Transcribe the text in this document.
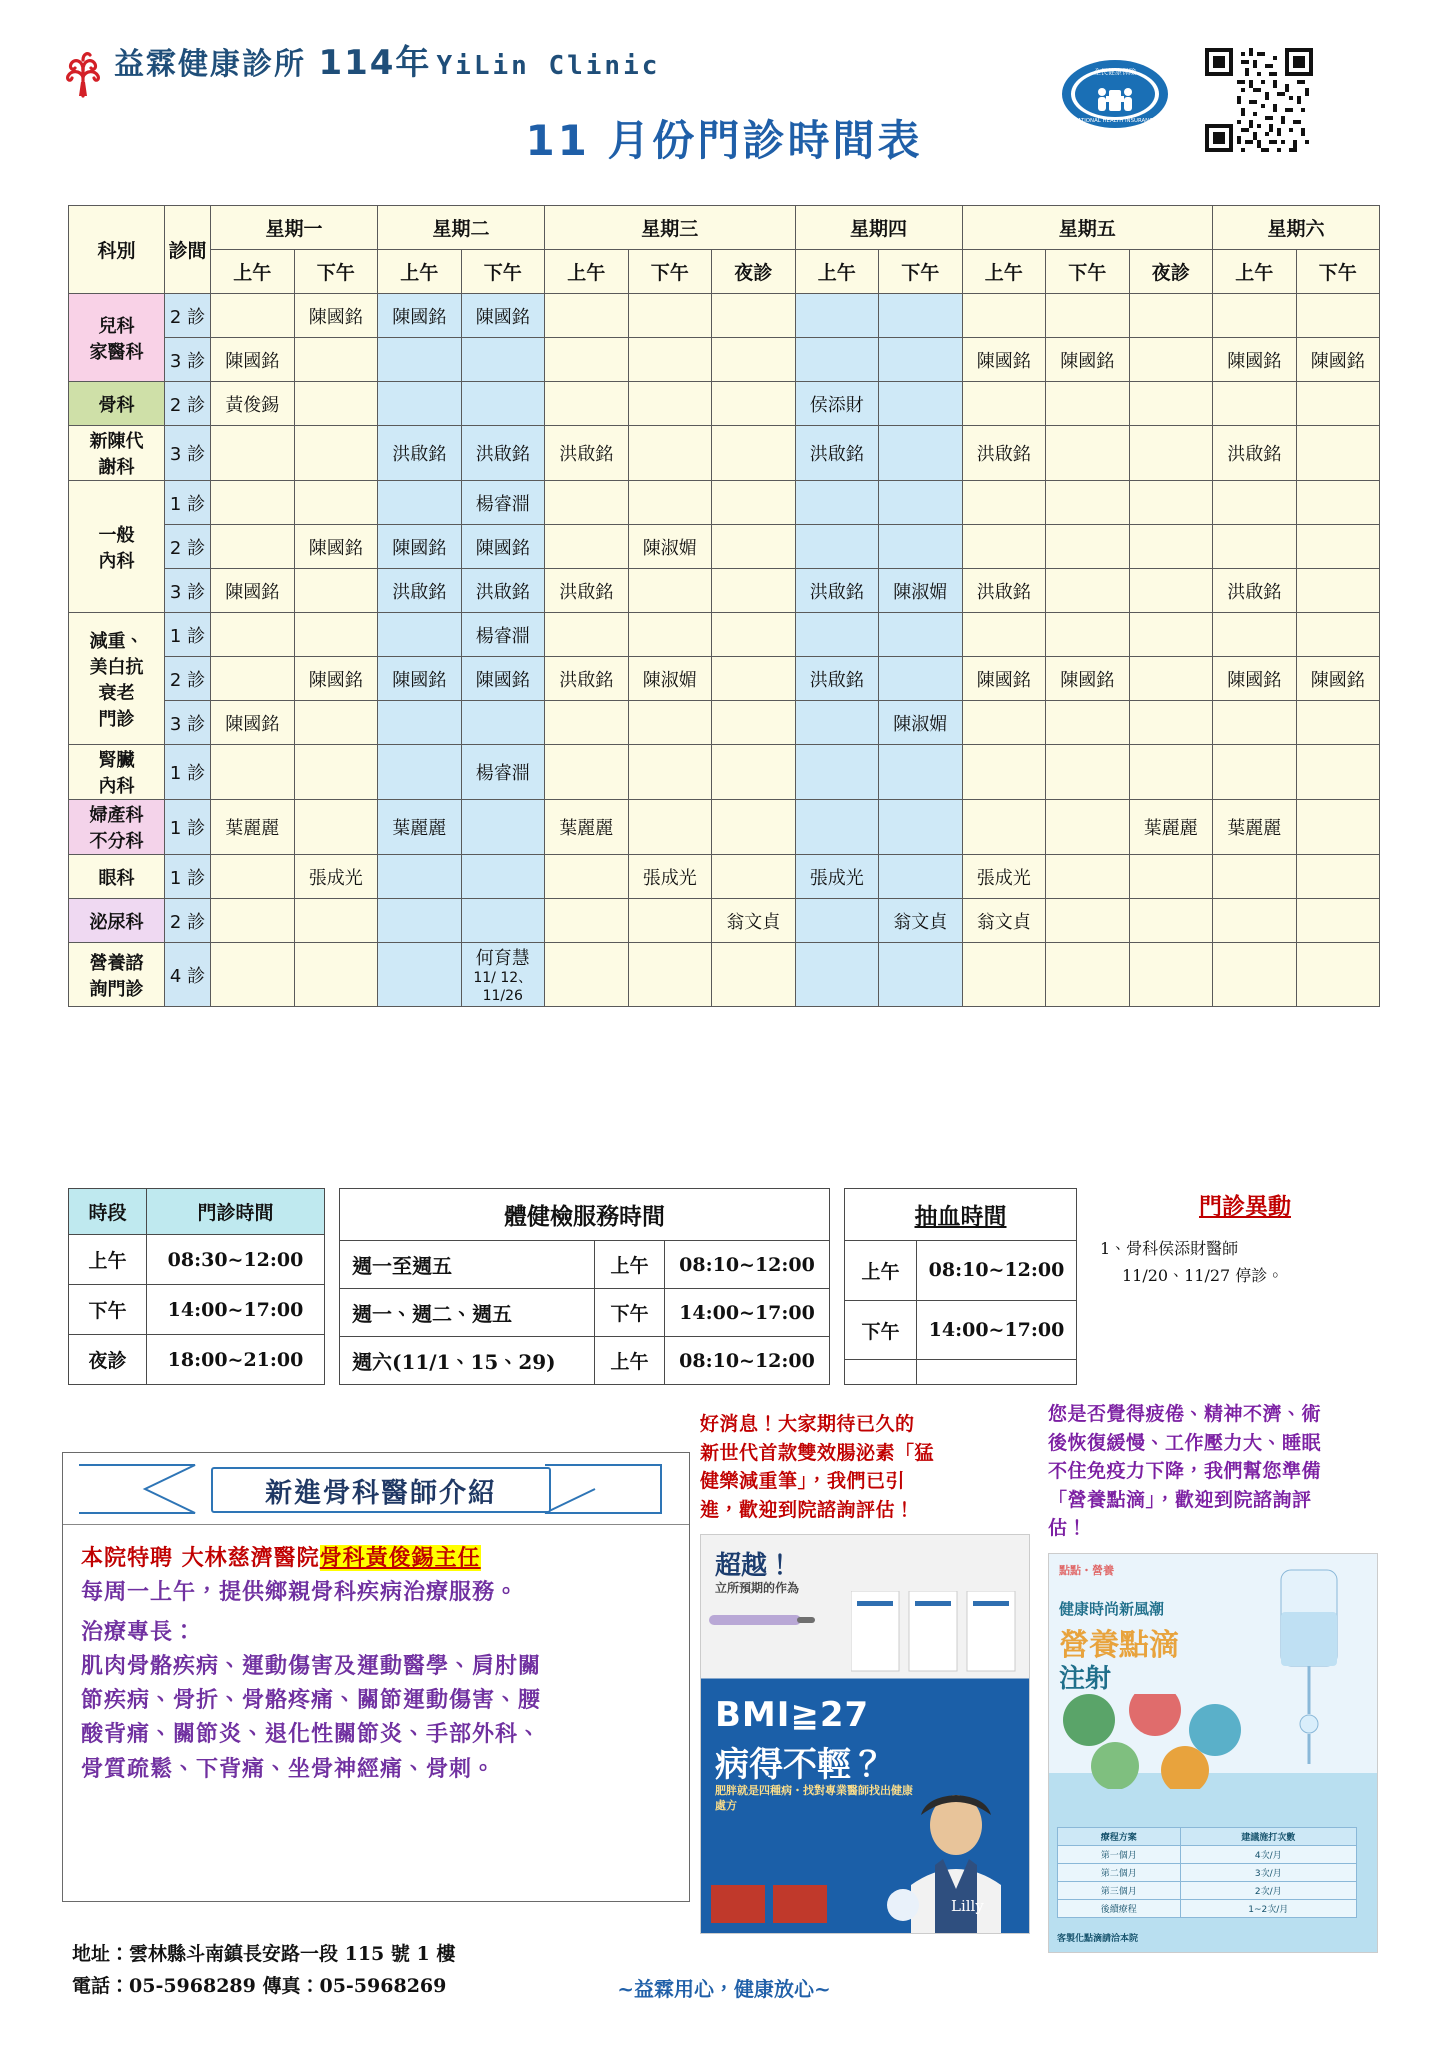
益霖健康診所 114年 YiLin Clinic
11 月份門診時間表
全民健康保險
NATIONAL HEALTH INSURANCE
科別	診間	星期一		星期二		星期三			星期四		星期五			星期六	
		上午	下午	上午	下午	上午	下午	夜診	上午	下午	上午	下午	夜診	上午	下午

兒科
家醫科	2 診		陳國銘	陳國銘	陳國銘										
	3 診	陳國銘									陳國銘	陳國銘		陳國銘	陳國銘

骨科	2 診	黃俊錫							侯添財						

新陳代
謝科	3 診			洪啟銘	洪啟銘	洪啟銘			洪啟銘		洪啟銘			洪啟銘	

一般
內科	1 診				楊睿淵										
	2 診		陳國銘	陳國銘	陳國銘		陳淑媚								
	3 診	陳國銘		洪啟銘	洪啟銘	洪啟銘			洪啟銘	陳淑媚	洪啟銘			洪啟銘	

減重、
美白抗
衰老
門診	1 診				楊睿淵										
	2 診		陳國銘	陳國銘	陳國銘	洪啟銘	陳淑媚		洪啟銘		陳國銘	陳國銘		陳國銘	陳國銘
	3 診	陳國銘								陳淑媚					

腎臟
內科	1 診				楊睿淵										

婦產科
不分科	1 診	葉麗麗		葉麗麗		葉麗麗							葉麗麗	葉麗麗	

眼科	1 診		張成光				張成光		張成光		張成光				

泌尿科	2 診							翁文貞		翁文貞	翁文貞				

營養諮
詢門診
	4 診				何育慧
11/ 12、
11/26

時段	門診時間
上午	08:30~12:00
下午	14:00~17:00
夜診	18:00~21:00
體健檢服務時間		
週一至週五	上午	08:10~12:00
週一、週二、週五	下午	14:00~17:00
週六(11/1、15、29)	上午	08:10~12:00
抽血時間	
上午	08:10~12:00
下午	14:00~17:00

門診異動
1、骨科侯添財醫師
11/20、11/27 停診。
新進骨科醫師介紹
本院特聘 大林慈濟醫院骨科黃俊錫主任
每周一上午，提供鄉親骨科疾病治療服務。
治療專長：
肌肉骨骼疾病、運動傷害及運動醫學、肩肘關
節疾病、骨折、骨骼疼痛、關節運動傷害、腰
酸背痛、關節炎、退化性關節炎、手部外科、
骨質疏鬆、下背痛、坐骨神經痛、骨刺。
好消息！大家期待已久的
新世代首款雙效腸泌素「猛
健樂減重筆」，我們已引
進，歡迎到院諮詢評估！
超越！
立所預期的作為
BMI≧27
病得不輕？
肥胖就是四種病・找對專業醫師找出健康處方
Lilly
您是否覺得疲倦、精神不濟、術
後恢復緩慢、工作壓力大、睡眠
不住免疫力下降，我們幫您準備
「營養點滴」，歡迎到院諮詢評
估！
點點・營養
健康時尚新風潮
營養點滴
注射
療程方案	建議施打次數
第一個月	4次/月
第二個月	3次/月
第三個月	2次/月
後續療程	1~2次/月
客製化點滴請洽本院
地址：雲林縣斗南鎮長安路一段 115 號 1 樓
電話：05-5968289 傳真：05-5968269	~益霖用心，健康放心~
